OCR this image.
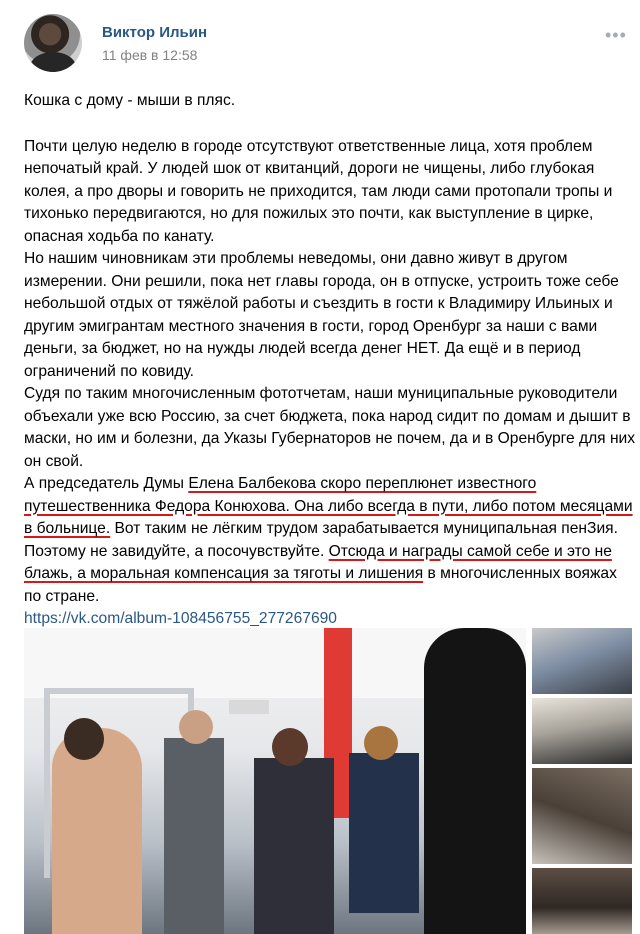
Виктор Ильин
11 фев в 12:58
•••

Кошка с дому - мыши в пляс.

Почти целую неделю в городе отсутствуют ответственные лица, хотя проблем
непочатый край. У людей шок от квитанций, дороги не чищены, либо глубокая
колея, а про дворы и говорить не приходится, там люди сами протопали тропы и
тихонько передвигаются, но для пожилых это почти, как выступление в цирке,
опасная ходьба по канату.

Но нашим чиновникам эти проблемы неведомы, они давно живут в другом
измерении. Они решили, пока нет главы города, он в отпуске, устроить тоже себе
небольшой отдых от тяжёлой работы и съездить в гости к Владимиру Ильиных и
другим эмигрантам местного значения в гости, город Оренбург за наши с вами
деньги, за бюджет, но на нужды людей всегда денег НЕТ. Да ещё и в период
ограничений по ковиду.

Судя по таким многочисленным фототчетам, наши муниципальные руководители
объехали уже всю Россию, за счет бюджета, пока народ сидит по домам и дышит в
маски, но им и болезни, да Указы Губернаторов не почем, да и в Оренбурге для них
он свой.

А председатель Думы Елена Балбекова скоро переплюнет известного
путешественника Федора Конюхова. Она либо всегда в пути, либо потом месяцами
в больнице. Вот таким не лёгким трудом зарабатывается муниципальная пенЗия.
Поэтому не завидуйте, а посочувствуйте. Отсюда и награды самой себе и это не
блажь, а моральная компенсация за тяготы и лишения в многочисленных вояжах
по стране.

https://vk.com/album-108456755_277267690
